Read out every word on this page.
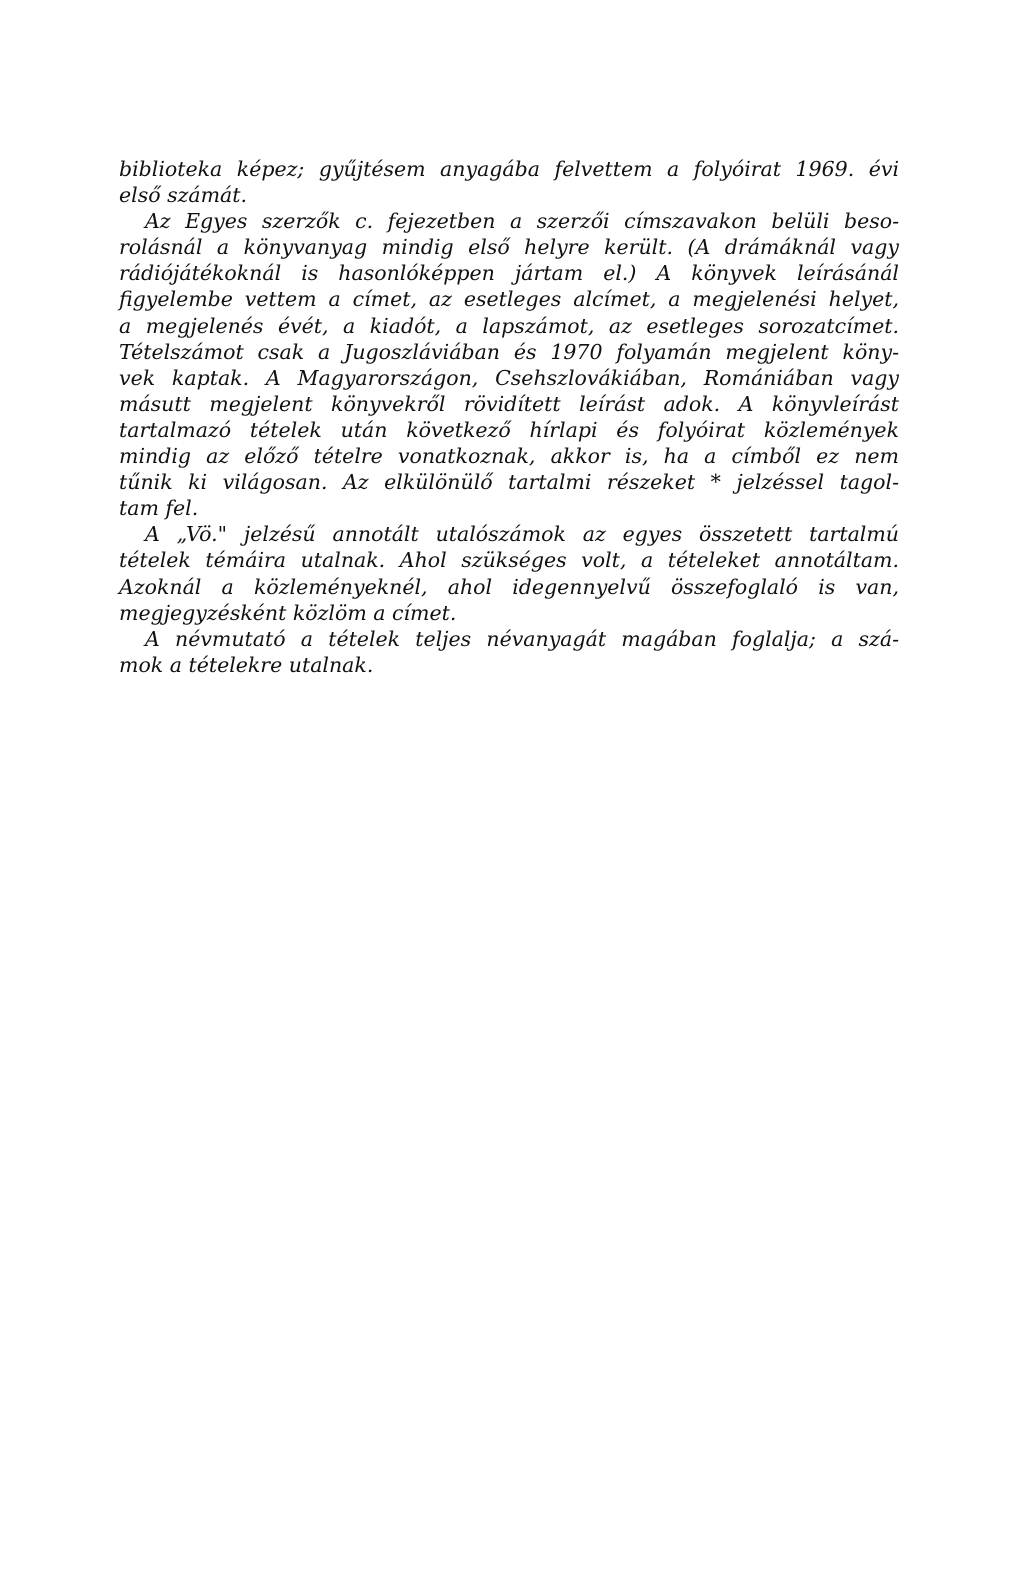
biblioteka képez; gyűjtésem anyagába felvettem a folyóirat 1969. évi
első számát.
Az Egyes szerzők c. fejezetben a szerzői címszavakon belüli beso-
rolásnál a könyvanyag mindig első helyre került. (A drámáknál vagy
rádiójátékoknál is hasonlóképpen jártam el.) A könyvek leírásánál
figyelembe vettem a címet, az esetleges alcímet, a megjelenési helyet,
a megjelenés évét, a kiadót, a lapszámot, az esetleges sorozatcímet.
Tételszámot csak a Jugoszláviában és 1970 folyamán megjelent köny-
vek kaptak. A Magyarországon, Csehszlovákiában, Romániában vagy
másutt megjelent könyvekről rövidített leírást adok. A könyvleírást
tartalmazó tételek után következő hírlapi és folyóirat közlemények
mindig az előző tételre vonatkoznak, akkor is, ha a címből ez nem
tűnik ki világosan. Az elkülönülő tartalmi részeket * jelzéssel tagol-
tam fel.
A „Vö." jelzésű annotált utalószámok az egyes összetett tartalmú
tételek témáira utalnak. Ahol szükséges volt, a tételeket annotáltam.
Azoknál a közleményeknél, ahol idegennyelvű összefoglaló is van,
megjegyzésként közlöm a címet.
A névmutató a tételek teljes névanyagát magában foglalja; a szá-
mok a tételekre utalnak.
